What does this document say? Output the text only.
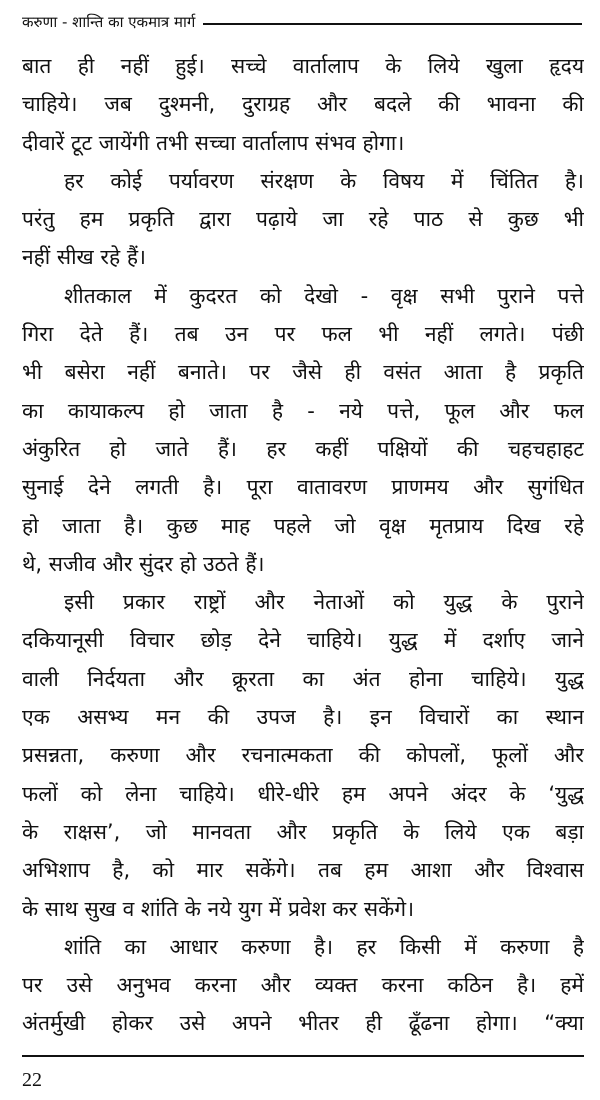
करुणा - शान्ति का एकमात्र मार्ग
बात ही नहीं हुई। सच्चे वार्तालाप के लिये खुला हृदय
चाहिये। जब दुश्मनी, दुराग्रह और बदले की भावना की
दीवारें टूट जायेंगी तभी सच्चा वार्तालाप संभव होगा।
हर कोई पर्यावरण संरक्षण के विषय में चिंतित है।
परंतु हम प्रकृति द्वारा पढ़ाये जा रहे पाठ से कुछ भी
नहीं सीख रहे हैं।
शीतकाल में कुदरत को देखो - वृक्ष सभी पुराने पत्ते
गिरा देते हैं। तब उन पर फल भी नहीं लगते। पंछी
भी बसेरा नहीं बनाते। पर जैसे ही वसंत आता है प्रकृति
का कायाकल्प हो जाता है - नये पत्ते, फूल और फल
अंकुरित हो जाते हैं। हर कहीं पक्षियों की चहचहाहट
सुनाई देने लगती है। पूरा वातावरण प्राणमय और सुगंधित
हो जाता है। कुछ माह पहले जो वृक्ष मृतप्राय दिख रहे
थे, सजीव और सुंदर हो उठते हैं।
इसी प्रकार राष्ट्रों और नेताओं को युद्ध के पुराने
दकियानूसी विचार छोड़ देने चाहिये। युद्ध में दर्शाए जाने
वाली निर्दयता और क्रूरता का अंत होना चाहिये। युद्ध
एक असभ्य मन की उपज है। इन विचारों का स्थान
प्रसन्नता, करुणा और रचनात्मकता की कोपलों, फूलों और
फलों को लेना चाहिये। धीरे-धीरे हम अपने अंदर के ‘युद्ध
के राक्षस’, जो मानवता और प्रकृति के लिये एक बड़ा
अभिशाप है, को मार सकेंगे। तब हम आशा और विश्वास
के साथ सुख व शांति के नये युग में प्रवेश कर सकेंगे।
शांति का आधार करुणा है। हर किसी में करुणा है
पर उसे अनुभव करना और व्यक्त करना कठिन है। हमें
अंतर्मुखी होकर उसे अपने भीतर ही ढूँढना होगा। “क्या
22
